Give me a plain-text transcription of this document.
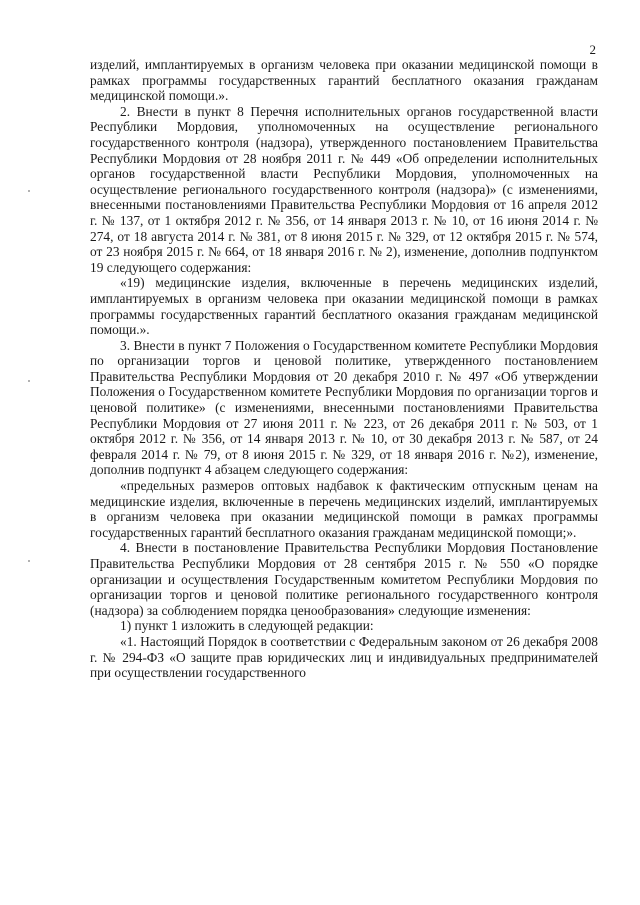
2

изделий, имплантируемых в организм человека при оказании медицинской помощи в рамках программы государственных гарантий бесплатного оказания гражданам медицинской помощи.».

2. Внести в пункт 8 Перечня исполнительных органов государственной власти Республики Мордовия, уполномоченных на осуществление регионального государственного контроля (надзора), утвержденного постановлением Правительства Республики Мордовия от 28 ноября 2011 г. № 449 «Об определении исполнительных органов государственной власти Республики Мордовия, уполномоченных на осуществление регионального государственного контроля (надзора)» (с изменениями, внесенными постановлениями Правительства Республики Мордовия от 16 апреля 2012 г. № 137, от 1 октября 2012 г. № 356, от 14 января 2013 г. № 10, от 16 июня 2014 г. № 274, от 18 августа 2014 г. № 381, от 8 июня 2015 г. № 329, от 12 октября 2015 г. № 574, от 23 ноября 2015 г. № 664, от 18 января 2016 г. № 2), изменение, дополнив подпунктом 19 следующего содержания:

«19) медицинские изделия, включенные в перечень медицинских изделий, имплантируемых в организм человека при оказании медицинской помощи в рамках программы государственных гарантий бесплатного оказания гражданам медицинской помощи.».

3. Внести в пункт 7 Положения о Государственном комитете Республики Мордовия по организации торгов и ценовой политике, утвержденного постановлением Правительства Республики Мордовия от 20 декабря 2010 г. № 497 «Об утверждении Положения о Государственном комитете Республики Мордовия по организации торгов и ценовой политике» (с изменениями, внесенными постановлениями Правительства Республики Мордовия от 27 июня 2011 г. № 223, от 26 декабря 2011 г. № 503, от 1 октября 2012 г. № 356, от 14 января 2013 г. № 10, от 30 декабря 2013 г. № 587, от 24 февраля 2014 г. № 79, от 8 июня 2015 г. № 329, от 18 января 2016 г. №2), изменение, дополнив подпункт 4 абзацем следующего содержания:

«предельных размеров оптовых надбавок к фактическим отпускным ценам на медицинские изделия, включенные в перечень медицинских изделий, имплантируемых в организм человека при оказании медицинской помощи в рамках программы государственных гарантий бесплатного оказания гражданам медицинской помощи;».

4. Внести в постановление Правительства Республики Мордовия Постановление Правительства Республики Мордовия от 28 сентября 2015 г. № 550 «О порядке организации и осуществления Государственным комитетом Республики Мордовия по организации торгов и ценовой политике регионального государственного контроля (надзора) за соблюдением порядка ценообразования» следующие изменения:

1) пункт 1 изложить в следующей редакции:

«1. Настоящий Порядок в соответствии с Федеральным законом от 26 декабря 2008 г. № 294-ФЗ «О защите прав юридических лиц и индивидуальных предпринимателей при осуществлении государственного
